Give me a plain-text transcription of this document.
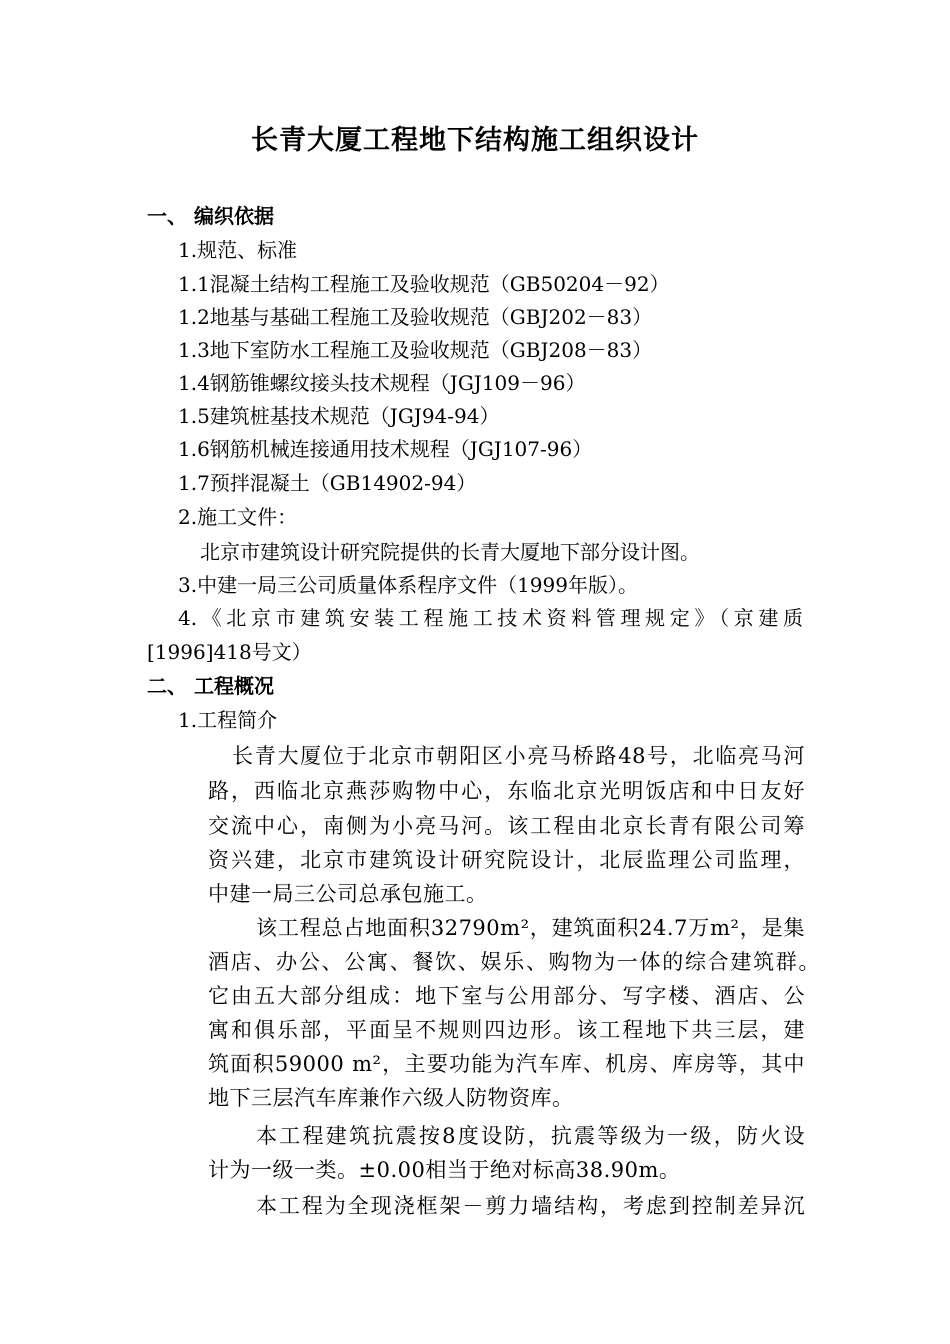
长青大厦工程地下结构施工组织设计
一、 编织依据
1.规范、标准
1.1混凝土结构工程施工及验收规范（GB50204－92）
1.2地基与基础工程施工及验收规范（GBJ202－83）
1.3地下室防水工程施工及验收规范（GBJ208－83）
1.4钢筋锥螺纹接头技术规程（JGJ109－96）
1.5建筑桩基技术规范（JGJ94-94）
1.6钢筋机械连接通用技术规程（JGJ107-96）
1.7预拌混凝土（GB14902-94）
2.施工文件：
北京市建筑设计研究院提供的长青大厦地下部分设计图。
3.中建一局三公司质量体系程序文件（1999年版）。
4.《北京市建筑安装工程施工技术资料管理规定》（京建质
[1996]418号文）
二、 工程概况
1.工程简介
长青大厦位于北京市朝阳区小亮马桥路48号，北临亮马河
路，西临北京燕莎购物中心，东临北京光明饭店和中日友好
交流中心，南侧为小亮马河。该工程由北京长青有限公司筹
资兴建，北京市建筑设计研究院设计，北辰监理公司监理，
中建一局三公司总承包施工。
该工程总占地面积32790m²，建筑面积24.7万m²，是集
酒店、办公、公寓、餐饮、娱乐、购物为一体的综合建筑群。
它由五大部分组成：地下室与公用部分、写字楼、酒店、公
寓和俱乐部，平面呈不规则四边形。该工程地下共三层，建
筑面积59000 m²，主要功能为汽车库、机房、库房等，其中
地下三层汽车库兼作六级人防物资库。
本工程建筑抗震按8度设防，抗震等级为一级，防火设
计为一级一类。±0.00相当于绝对标高38.90m。
本工程为全现浇框架－剪力墙结构，考虑到控制差异沉
